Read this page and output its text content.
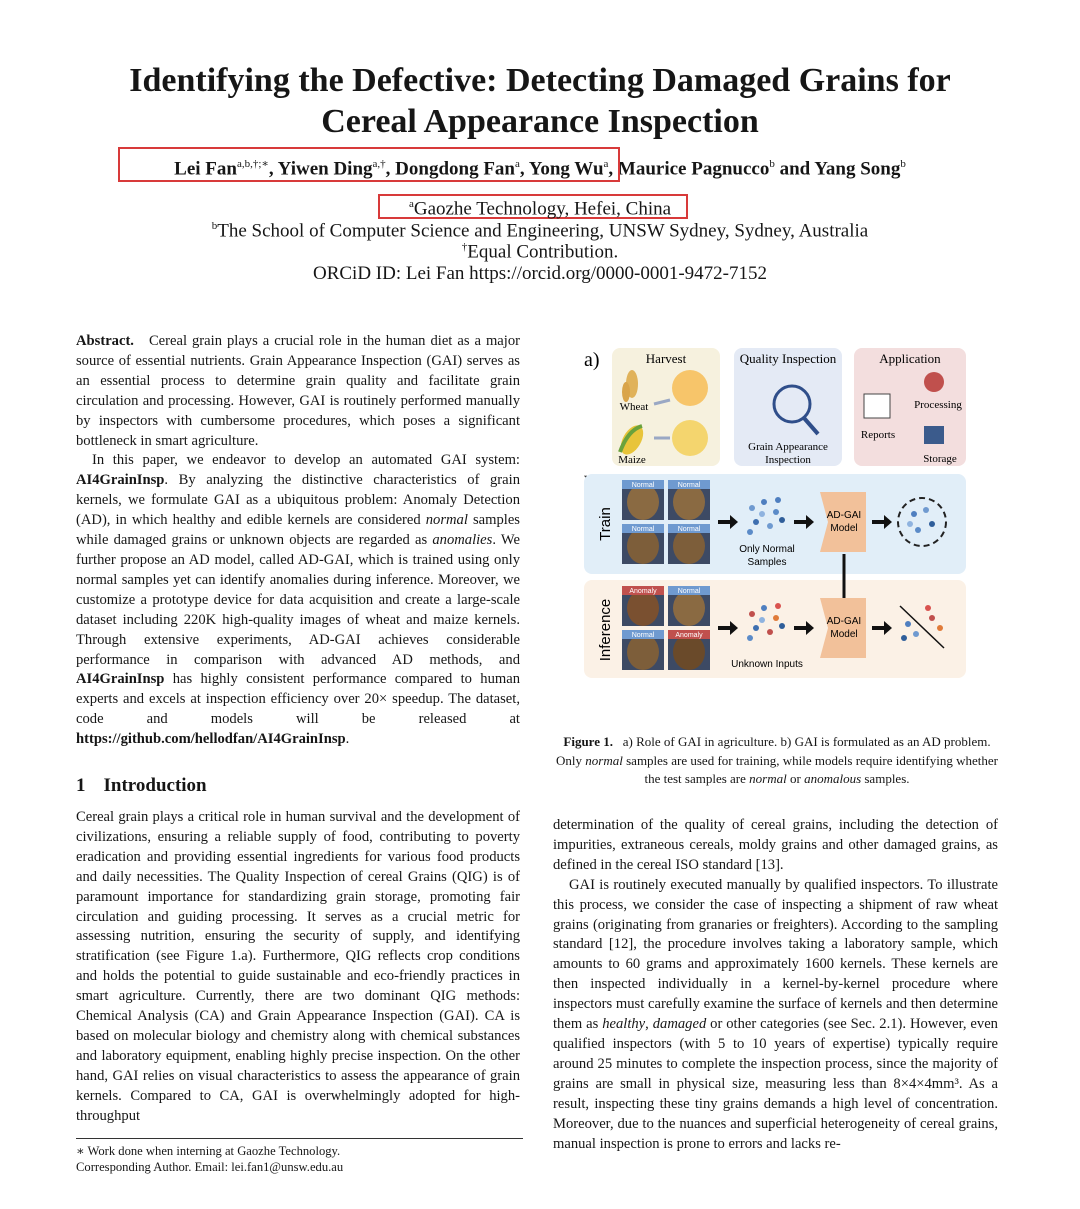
Identifying the Defective: Detecting Damaged Grains for
Cereal Appearance Inspection
Lei Fan$^{a,b,\dagger;∗}$, Yiwen Ding$^{a,\dagger}$, Dongdong Fan$^a$, Yong Wu$^a$, Maurice Pagnucco$^b$ and Yang Song$^b$
$^a$Gaozhe Technology, Hefei, China
$^b$The School of Computer Science and Engineering, UNSW Sydney, Sydney, Australia
†Equal Contribution.
ORCiD ID: Lei Fan https://orcid.org/0000-0001-9472-7152

Abstract. Cereal grain plays a crucial role in the human diet as a major source of essential nutrients. Grain Appearance Inspection (GAI) serves as an essential process to determine grain quality and facilitate grain circulation and processing. However, GAI is routinely performed manually by inspectors with cumbersome procedures, which poses a significant bottleneck in smart agriculture.

In this paper, we endeavor to develop an automated GAI system: AI4GrainInsp. By analyzing the distinctive characteristics of grain kernels, we formulate GAI as a ubiquitous problem: Anomaly Detection (AD), in which healthy and edible kernels are considered normal samples while damaged grains or unknown objects are regarded as anomalies. We further propose an AD model, called AD-GAI, which is trained using only normal samples yet can identify anomalies during inference. Moreover, we customize a prototype device for data acquisition and create a large-scale dataset including 220K high-quality images of wheat and maize kernels. Through extensive experiments, AD-GAI achieves considerable performance in comparison with advanced AD methods, and AI4GrainInsp has highly consistent performance compared to human experts and excels at inspection efficiency over 20× speedup. The dataset, code and models will be released at https://github.com/hellodfan/AI4GrainInsp.

1 Introduction

Cereal grain plays a critical role in human survival and the development of civilizations, ensuring a reliable supply of food, contributing to poverty eradication and providing essential ingredients for various food products and daily necessities. The Quality Inspection of cereal Grains (QIG) is of paramount importance for standardizing grain storage, promoting fair circulation and guiding processing. It serves as a crucial metric for assessing nutrition, ensuring the security of supply, and identifying stratification (see Figure 1.a). Furthermore, QIG reflects crop conditions and holds the potential to guide sustainable and eco-friendly practices in smart agriculture. Currently, there are two dominant QIG methods: Chemical Analysis (CA) and Grain Appearance Inspection (GAI). CA is based on molecular biology and chemistry along with chemical substances and laboratory equipment, enabling highly precise inspection. On the other hand, GAI relies on visual characteristics to assess the appearance of grain kernels. Compared to CA, GAI is overwhelmingly adopted for high-throughput

∗ Work done when interning at Gaozhe Technology.
Corresponding Author. Email: lei.fan1@unsw.edu.au

determination of the quality of cereal grains, including the detection of impurities, extraneous cereals, moldy grains and other damaged grains, as defined in the cereal ISO standard [13].

GAI is routinely executed manually by qualified inspectors. To illustrate this process, we consider the case of inspecting a shipment of raw wheat grains (originating from granaries or freighters). According to the sampling standard [12], the procedure involves taking a laboratory sample, which amounts to 60 grams and approximately 1600 kernels. These kernels are then inspected individually in a kernel-by-kernel procedure where inspectors must carefully examine the surface of kernels and then determine them as healthy, damaged or other categories (see Sec. 2.1). However, even qualified inspectors (with 5 to 10 years of expertise) typically require around 25 minutes to complete the inspection process, since the majority of grains are small in physical size, measuring less than 8×4×4mm³. As a result, inspecting these tiny grains demands a high level of concentration. Moreover, due to the nuances and superficial heterogeneity of cereal grains, manual inspection is prone to errors and lacks re-

a)	Harvest	Quality Inspection	Application
Wheat
Maize
Grain Appearance
Inspection
Reports
Processing
Storage
Train
Inference
Normal	Normal
Normal	Normal
Only Normal
Samples
AD-GAI
Model
Anomaly	Normal
Normal	Anomaly
Unknown Inputs
AD-GAI
Model
Figure 1. a) Role of GAI in agriculture. b) GAI is formulated as an AD problem. Only normal samples are used for training, while models require identifying whether the test samples are normal or anomalous samples.
